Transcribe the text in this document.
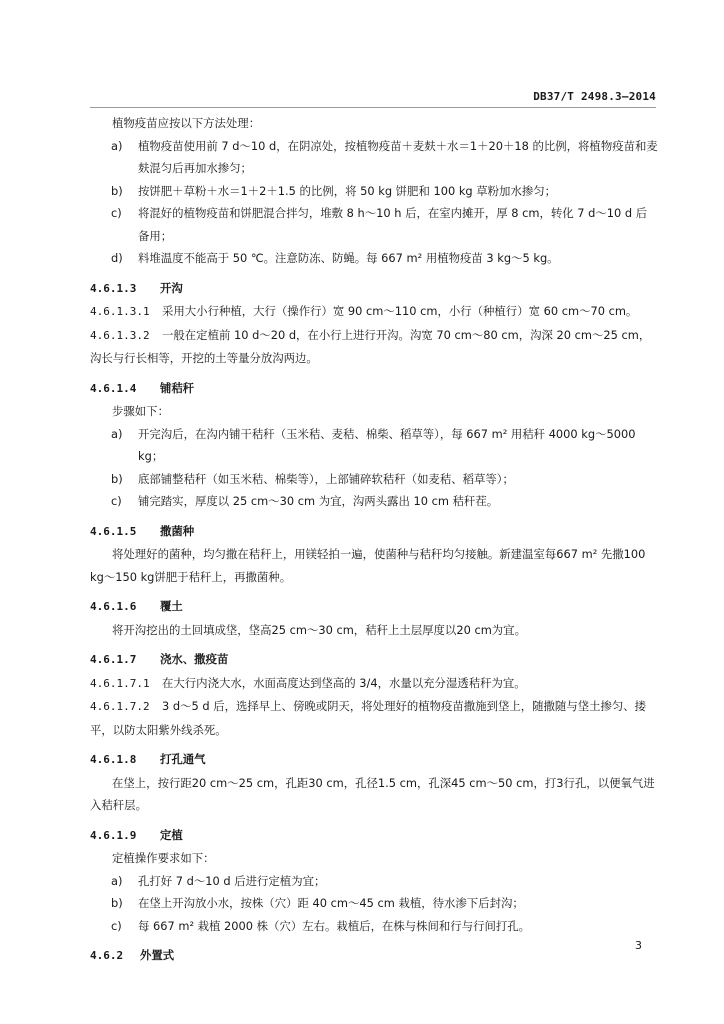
DB37/T 2498.3—2014

植物疫苗应按以下方法处理：

a)	植物疫苗使用前 7 d～10 d，在阴凉处，按植物疫苗＋麦麸＋水＝1＋20＋18 的比例，将植物疫苗和麦麸混匀后再加水掺匀；
b)	按饼肥＋草粉＋水＝1＋2＋1.5 的比例，将 50 kg 饼肥和 100 kg 草粉加水掺匀；
c)	将混好的植物疫苗和饼肥混合拌匀，堆敷 8 h～10 h 后，在室内摊开，厚 8 cm，转化 7 d～10 d 后备用；
d)	料堆温度不能高于 50 ℃。注意防冻、防蝇。每 667 m² 用植物疫苗 3 kg～5 kg。
4.6.1.3 开沟

4.6.1.3.1 采用大小行种植，大行（操作行）宽 90 cm～110 cm，小行（种植行）宽 60 cm～70 cm。

4.6.1.3.2 一般在定植前 10 d～20 d，在小行上进行开沟。沟宽 70 cm～80 cm，沟深 20 cm～25 cm，沟长与行长相等，开挖的土等量分放沟两边。

4.6.1.4 铺秸秆

步骤如下：

a)	开完沟后，在沟内铺干秸秆（玉米秸、麦秸、棉柴、稻草等），每 667 m² 用秸秆 4000 kg～5000 kg；
b)	底部铺整秸秆（如玉米秸、棉柴等），上部铺碎软秸秆（如麦秸、稻草等）；
c)	铺完踏实，厚度以 25 cm～30 cm 为宜，沟两头露出 10 cm 秸秆茬。
4.6.1.5 撒菌种

将处理好的菌种，均匀撒在秸秆上，用镁轻拍一遍，使菌种与秸秆均匀接触。新建温室每667 m² 先撒100 kg～150 kg饼肥于秸秆上，再撒菌种。

4.6.1.6 覆土

将开沟挖出的土回填成垡，垡高25 cm～30 cm，秸秆上土层厚度以20 cm为宜。

4.6.1.7 浇水、撒疫苗

4.6.1.7.1 在大行内浇大水，水面高度达到垡高的 3/4，水量以充分湿透秸秆为宜。

4.6.1.7.2 3 d～5 d 后，选择早上、傍晚或阴天，将处理好的植物疫苗撒施到垡上，随撒随与垡土掺匀、搂平，以防太阳紫外线杀死。

4.6.1.8 打孔通气

在垡上，按行距20 cm～25 cm，孔距30 cm，孔径1.5 cm，孔深45 cm～50 cm，打3行孔，以便氧气进入秸秆层。

4.6.1.9 定植

定植操作要求如下：

a)	孔打好 7 d～10 d 后进行定植为宜；
b)	在垡上开沟放小水，按株（穴）距 40 cm～45 cm 栽植，待水渗下后封沟；
c)	每 667 m² 栽植 2000 株（穴）左右。栽植后，在株与株间和行与行间打孔。
4.6.2 外置式
3
